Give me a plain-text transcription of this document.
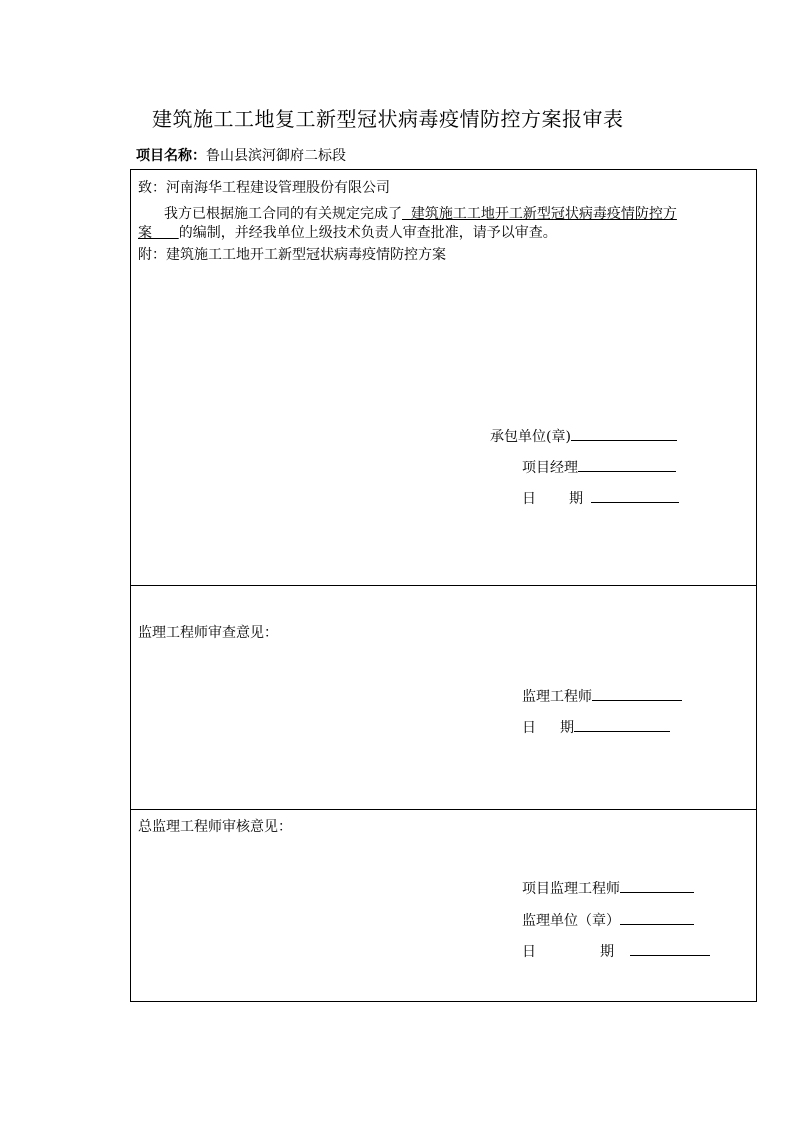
建筑施工工地复工新型冠状病毒疫情防控方案报审表
项目名称：鲁山县滨河御府二标段
致：河南海华工程建设管理股份有限公司
我方已根据施工合同的有关规定完成了  建筑施工工地开工新型冠状病毒疫情防控方
案      的编制，并经我单位上级技术负责人审查批准，请予以审查。
附：建筑施工工地开工新型冠状病毒疫情防控方案
承包单位(章)
项目经理
日 期
监理工程师审查意见：
监理工程师
日 期
总监理工程师审核意见：
项目监理工程师
监理单位（章）
日	期
